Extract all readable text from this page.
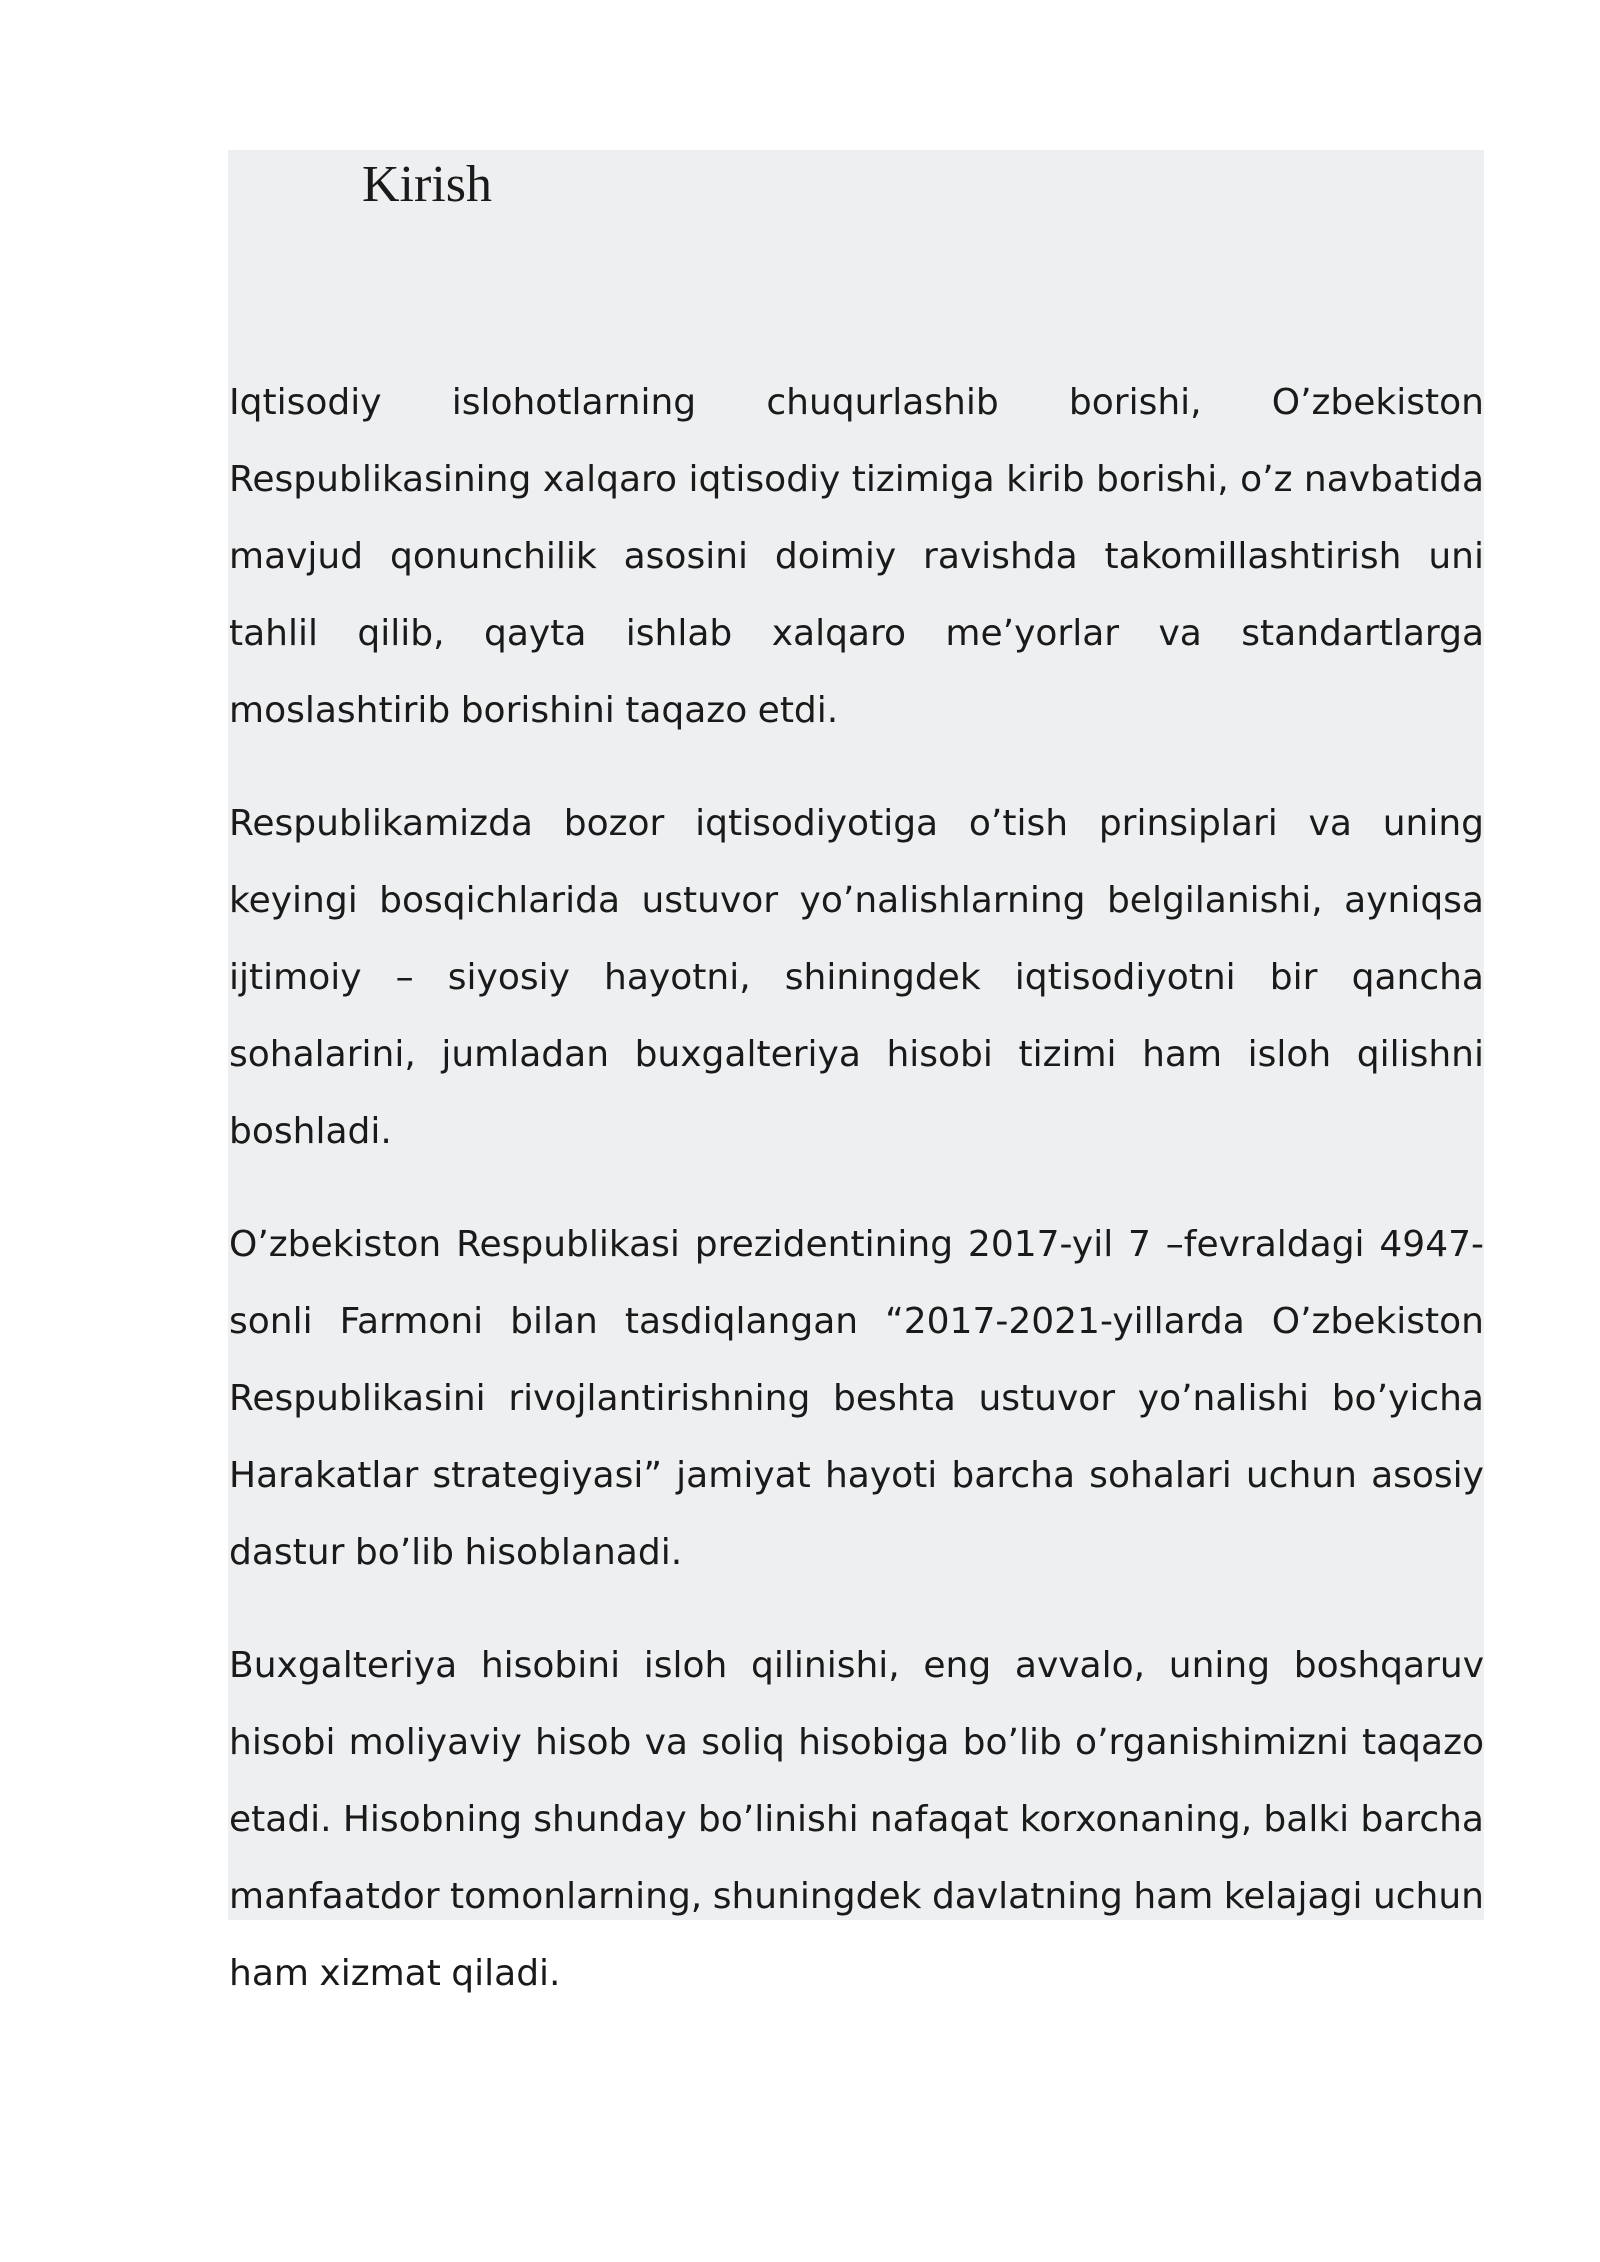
Kirish

Iqtisodiy islohotlarning chuqurlashib borishi, O’zbekiston Respublikasining xalqaro iqtisodiy tizimiga kirib borishi, o’z navbatida mavjud qonunchilik asosini doimiy ravishda takomillashtirish uni tahlil qilib, qayta ishlab xalqaro me’yorlar va standartlarga moslashtirib borishini taqazo etdi.

Respublikamizda bozor iqtisodiyotiga o’tish prinsiplari va uning keyingi bosqichlarida ustuvor yo’nalishlarning belgilanishi, ayniqsa ijtimoiy – siyosiy hayotni, shiningdek iqtisodiyotni bir qancha sohalarini, jumladan buxgalteriya hisobi tizimi ham isloh qilishni boshladi.

O’zbekiston Respublikasi prezidentining 2017-yil 7 –fevraldagi 4947-sonli Farmoni bilan tasdiqlangan “2017-2021-yillarda O’zbekiston Respublikasini rivojlantirishning beshta ustuvor yo’nalishi bo’yicha Harakatlar strategiyasi” jamiyat hayoti barcha sohalari uchun asosiy dastur bo’lib hisoblanadi.

Buxgalteriya hisobini isloh qilinishi, eng avvalo, uning boshqaruv hisobi moliyaviy hisob va soliq hisobiga bo’lib o’rganishimizni taqazo etadi. Hisobning shunday bo’linishi nafaqat korxonaning, balki barcha manfaatdor tomonlarning, shuningdek davlatning ham kelajagi uchun ham xizmat qiladi.
